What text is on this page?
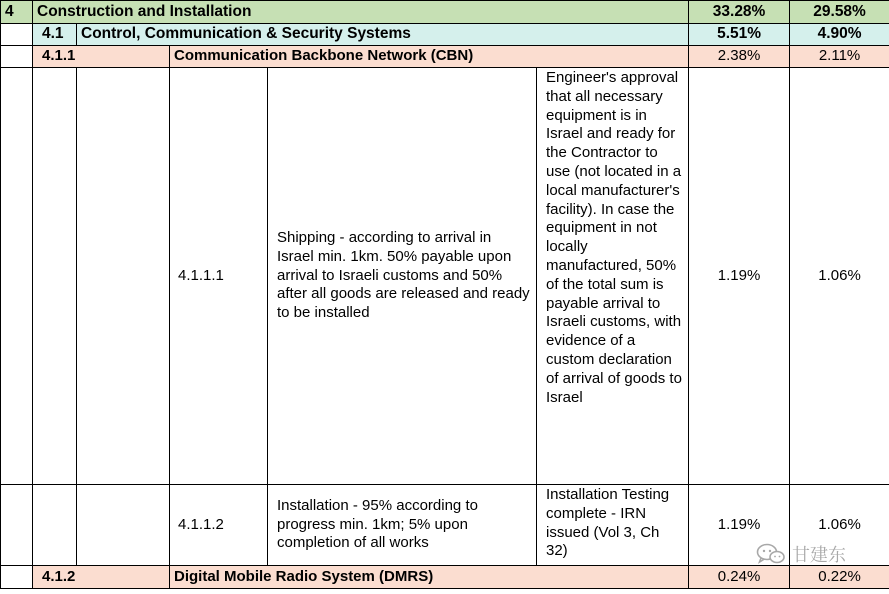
4	Construction and Installation					33.28%	29.58%
	4.1	Control, Communication & Security Systems				5.51%	4.90%
	4.1.1		Communication Backbone Network (CBN)			2.38%	2.11%
			4.1.1.1	Shipping - according to arrival in Israel min. 1km. 50% payable upon arrival to Israeli customs and 50% after all goods are released and ready to be installed	Engineer's approval that all necessary equipment is in Israel and ready for the Contractor to use (not located in a local manufacturer's facility). In case the equipment in not locally manufactured, 50% of the total sum is payable arrival to Israeli customs, with evidence of a custom declaration of arrival of goods to Israel	1.19%	1.06%
			4.1.1.2	Installation - 95% according to progress min. 1km; 5% upon completion of all works	Installation Testing complete - IRN issued (Vol 3, Ch 32)	1.19%	1.06%
	4.1.2		Digital Mobile Radio System (DMRS)			0.24%	0.22%
甘建东
